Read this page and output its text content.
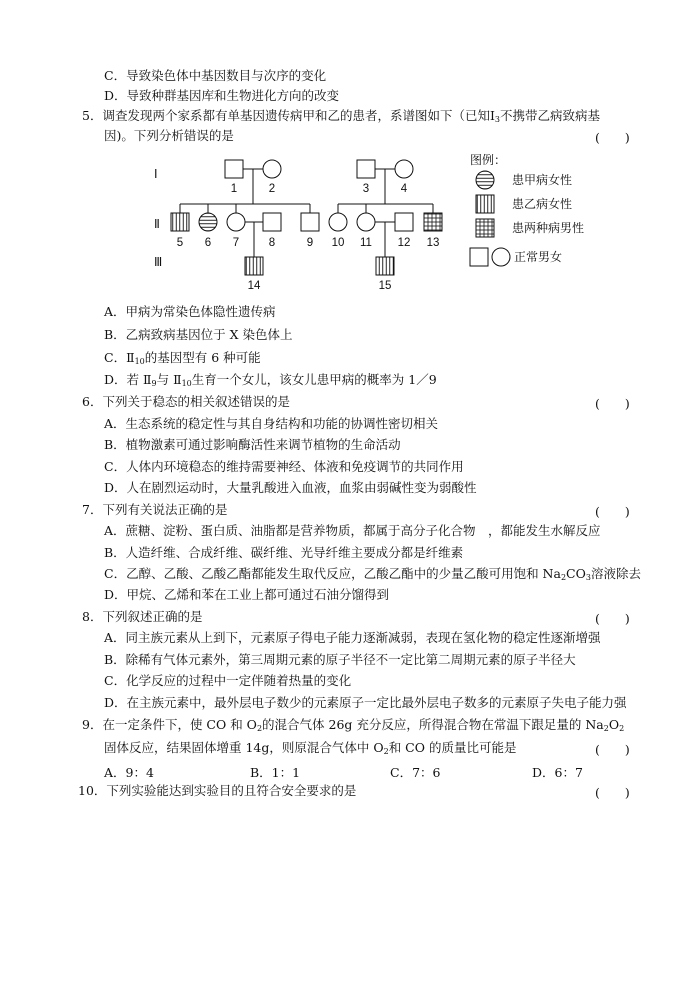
C．导致染色体中基因数目与次序的变化
D．导致种群基因库和生物进化方向的改变
5．调查发现两个家系都有单基因遗传病甲和乙的患者，系谱图如下（已知$I_3$不携带乙病致病基
因)。下列分析错误的是	(　　)
Ⅰ
Ⅱ
Ⅲ
1	2	3	4
5 6 7	8	9 10 11 12 13
14	15
图例：
患甲病女性
患乙病女性
患两种病男性
正常男女
A．甲病为常染色体隐性遗传病
B．乙病致病基因位于 X 染色体上
C．$Ⅱ_{10}$的基因型有 6 种可能
D．若 $Ⅱ_9$与 $Ⅱ_{10}$生育一个女儿，该女儿患甲病的概率为 1／9
6．下列关于稳态的相关叙述错误的是	(　　)
A．生态系统的稳定性与其自身结构和功能的协调性密切相关
B．植物激素可通过影响酶活性来调节植物的生命活动
C．人体内环境稳态的维持需要神经、体液和免疫调节的共同作用
D．人在剧烈运动时，大量乳酸进入血液，血浆由弱碱性变为弱酸性
7．下列有关说法正确的是	(　　)
A．蔗糖、淀粉、蛋白质、油脂都是营养物质，都属于高分子化合物　，都能发生水解反应
B．人造纤维、合成纤维、碳纤维、光导纤维主要成分都是纤维素
C．乙醇、乙酸、乙酸乙酯都能发生取代反应，乙酸乙酯中的少量乙酸可用饱和 $Na_2CO_3$溶液除去
D．甲烷、乙烯和苯在工业上都可通过石油分馏得到
8．下列叙述正确的是	(　　)
A．同主族元素从上到下，元素原子得电子能力逐渐减弱，表现在氢化物的稳定性逐渐增强
B．除稀有气体元素外，第三周期元素的原子半径不一定比第二周期元素的原子半径大
C．化学反应的过程中一定伴随着热量的变化
D．在主族元素中，最外层电子数少的元素原子一定比最外层电子数多的元素原子失电子能力强
9．在一定条件下，使 CO 和 $O_2$的混合气体 26g 充分反应，所得混合物在常温下跟足量的 $Na_2O_2$
固体反应，结果固体增重 14g，则原混合气体中 $O_2$和 CO 的质量比可能是	(　　)
A．9：4	B．1：1	C．7：6	D．6：7
10．下列实验能达到实验目的且符合安全要求的是	(　　)
